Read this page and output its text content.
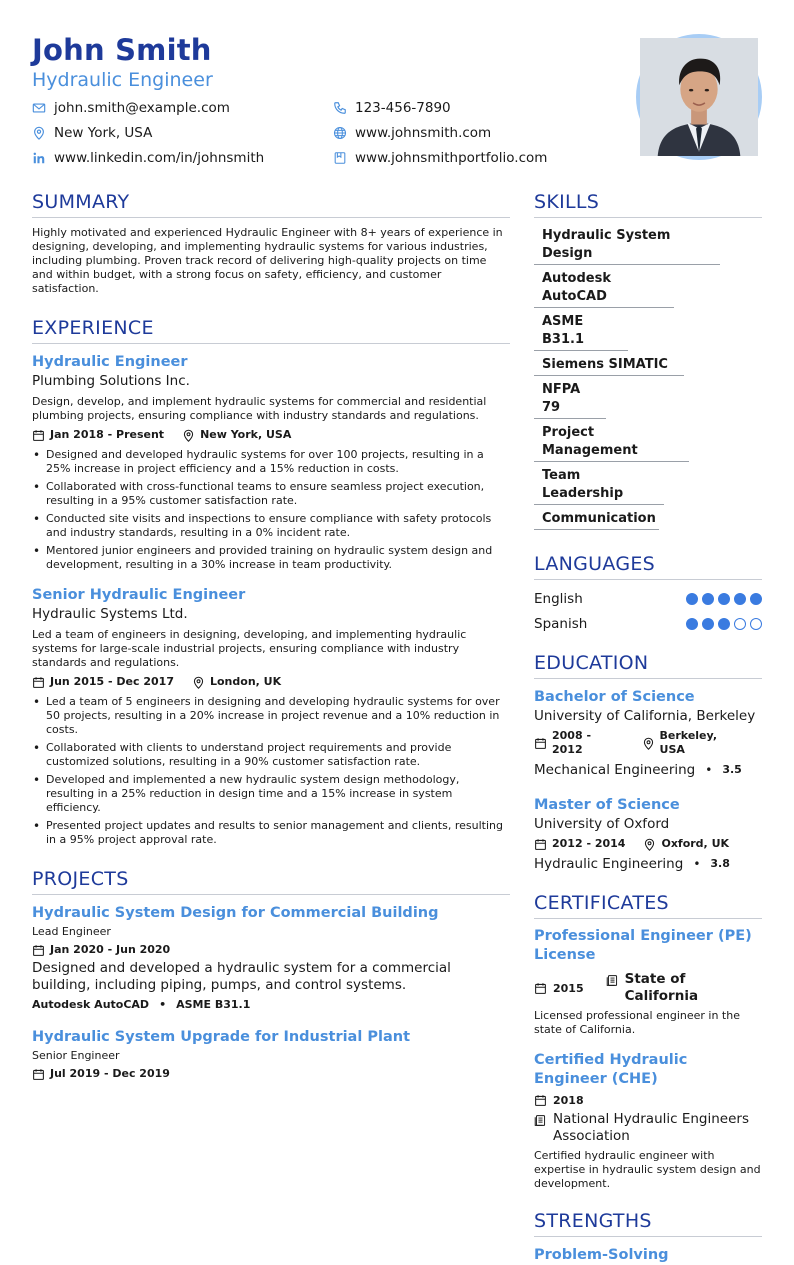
John Smith
Hydraulic Engineer
john.smith@example.com	123-456-7890
New York, USA	www.johnsmith.com
www.linkedin.com/in/johnsmith	www.johnsmithportfolio.com
SUMMARY
Highly motivated and experienced Hydraulic Engineer with 8+ years of experience in designing, developing, and implementing hydraulic systems for various industries, including plumbing. Proven track record of delivering high-quality projects on time and within budget, with a strong focus on safety, efficiency, and customer satisfaction.
EXPERIENCE
Hydraulic Engineer
Plumbing Solutions Inc.
Design, develop, and implement hydraulic systems for commercial and residential plumbing projects, ensuring compliance with industry standards and regulations.
Jan 2018 - Present	New York, USA
• Designed and developed hydraulic systems for over 100 projects, resulting in a 25% increase in project efficiency and a 15% reduction in costs.
• Collaborated with cross-functional teams to ensure seamless project execution, resulting in a 95% customer satisfaction rate.
• Conducted site visits and inspections to ensure compliance with safety protocols and industry standards, resulting in a 0% incident rate.
• Mentored junior engineers and provided training on hydraulic system design and development, resulting in a 30% increase in team productivity.
Senior Hydraulic Engineer
Hydraulic Systems Ltd.
Led a team of engineers in designing, developing, and implementing hydraulic systems for large-scale industrial projects, ensuring compliance with industry standards and regulations.
Jun 2015 - Dec 2017	London, UK
• Led a team of 5 engineers in designing and developing hydraulic systems for over 50 projects, resulting in a 20% increase in project revenue and a 10% reduction in costs.
• Collaborated with clients to understand project requirements and provide customized solutions, resulting in a 90% customer satisfaction rate.
• Developed and implemented a new hydraulic system design methodology, resulting in a 25% reduction in design time and a 15% increase in system efficiency.
• Presented project updates and results to senior management and clients, resulting in a 95% project approval rate.
PROJECTS
Hydraulic System Design for Commercial Building
Lead Engineer
Jan 2020 - Jun 2020
Designed and developed a hydraulic system for a commercial building, including piping, pumps, and control systems.
Autodesk AutoCAD • ASME B31.1
Hydraulic System Upgrade for Industrial Plant
Senior Engineer
Jul 2019 - Dec 2019
SKILLS
Hydraulic System Design
Autodesk AutoCAD
ASME B31.1
Siemens SIMATIC
NFPA 79
Project Management
Team Leadership
Communication
LANGUAGES
English
Spanish
EDUCATION
Bachelor of Science
University of California, Berkeley
2008 - 2012
Berkeley, USA
Mechanical Engineering • 3.5
Master of Science
University of Oxford
2012 - 2014	Oxford, UK
Hydraulic Engineering • 3.8
CERTIFICATES
Professional Engineer (PE) License
2015
State of California
Licensed professional engineer in the state of California.
Certified Hydraulic Engineer (CHE)
2018
National Hydraulic Engineers Association
Certified hydraulic engineer with expertise in hydraulic system design and development.
STRENGTHS
Problem-Solving
